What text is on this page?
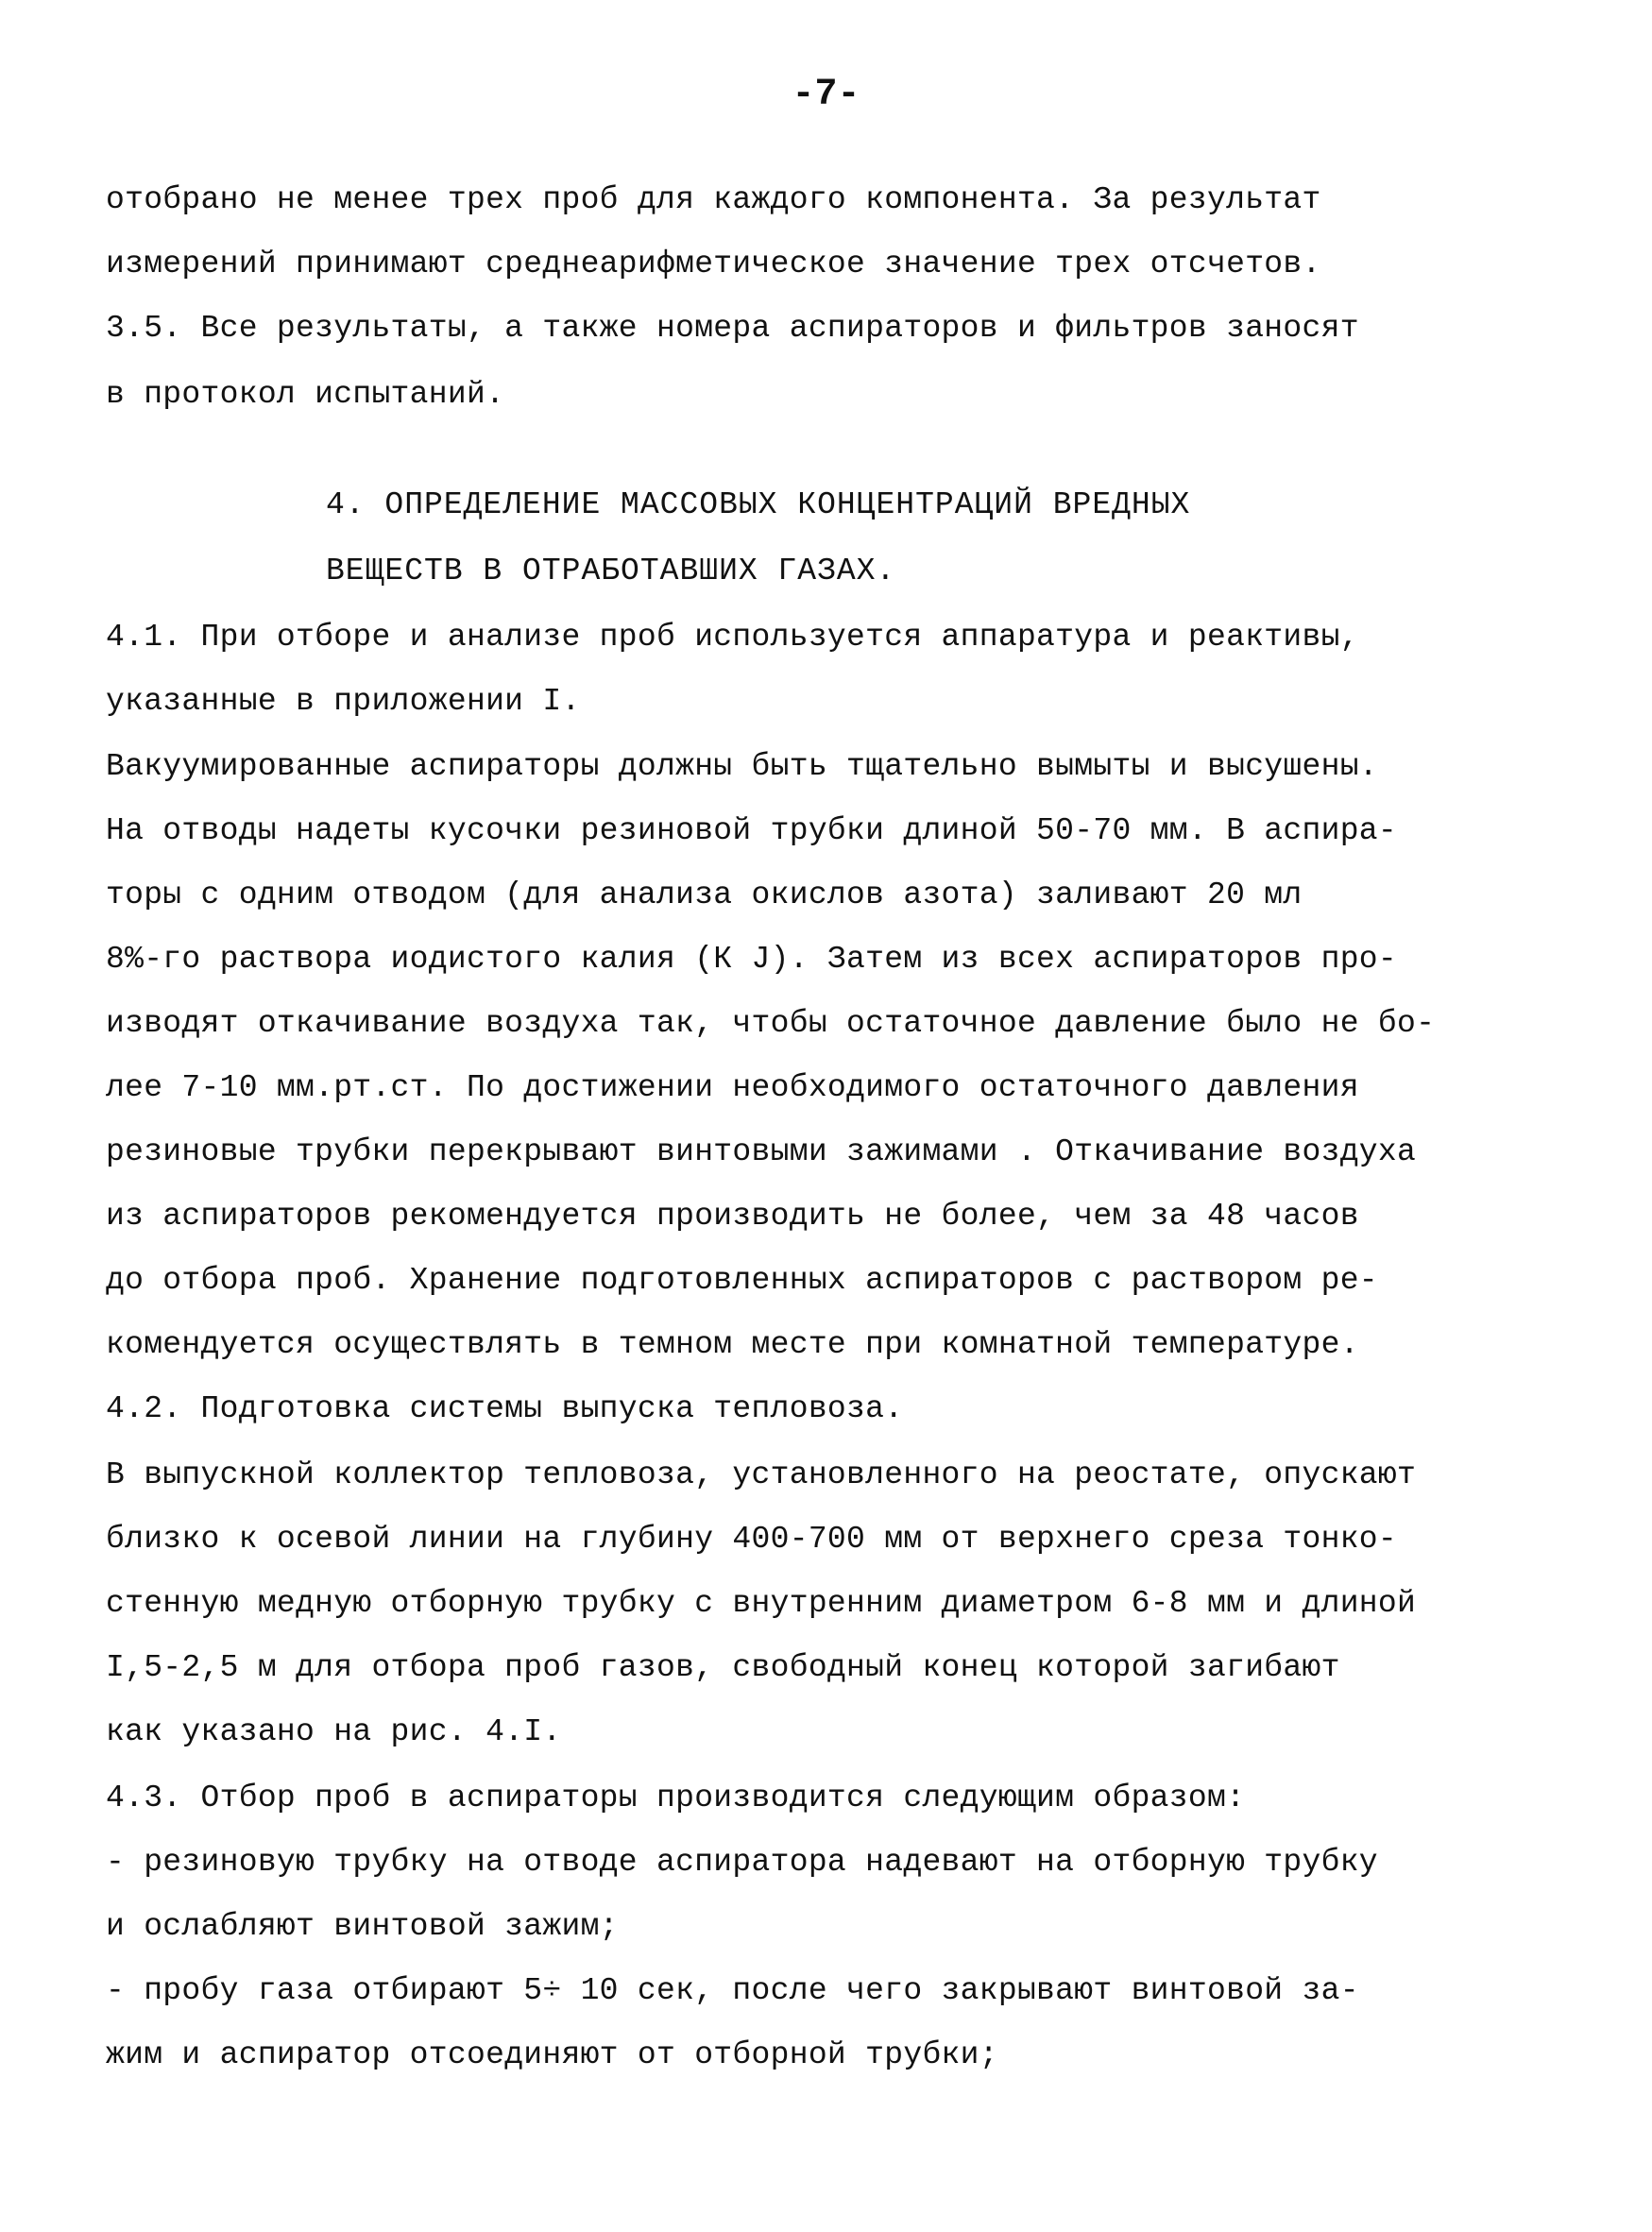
-7-
отобрано не менее трех проб для каждого компонента. За результат
измерений принимают среднеарифметическое значение трех отсчетов.
3.5. Все результаты, а также номера аспираторов и фильтров заносят
в протокол испытаний.
4. ОПРЕДЕЛЕНИЕ МАССОВЫХ КОНЦЕНТРАЦИЙ ВРЕДНЫХ
ВЕЩЕСТВ В ОТРАБОТАВШИХ ГАЗАХ.
4.1. При отборе и анализе проб используется аппаратура и реактивы,
указанные в приложении I.
Вакуумированные аспираторы должны быть тщательно вымыты и высушены.
На отводы надеты кусочки резиновой трубки длиной 50-70 мм. В аспира-
торы с одним отводом (для анализа окислов азота) заливают 20 мл
8%-го раствора иодистого калия (К J). Затем из всех аспираторов про-
изводят откачивание воздуха так, чтобы остаточное давление было не бо-
лее 7-10 мм.рт.ст. По достижении необходимого остаточного давления
резиновые трубки перекрывают винтовыми зажимами . Откачивание воздуха
из аспираторов рекомендуется производить не более, чем за 48 часов
до отбора проб. Хранение подготовленных аспираторов с раствором ре-
комендуется осуществлять в темном месте при комнатной температуре.
4.2. Подготовка системы выпуска тепловоза.
В выпускной коллектор тепловоза, установленного на реостате, опускают
близко к осевой линии на глубину 400-700 мм от верхнего среза тонко-
стенную медную отборную трубку с внутренним диаметром 6-8 мм и длиной
I,5-2,5 м для отбора проб газов, свободный конец которой загибают
как указано на рис. 4.I.
4.3. Отбор проб в аспираторы производится следующим образом:
- резиновую трубку на отводе аспиратора надевают на отборную трубку
и ослабляют винтовой зажим;
- пробу газа отбирают 5÷ 10 сек, после чего закрывают винтовой за-
жим и аспиратор отсоединяют от отборной трубки;
